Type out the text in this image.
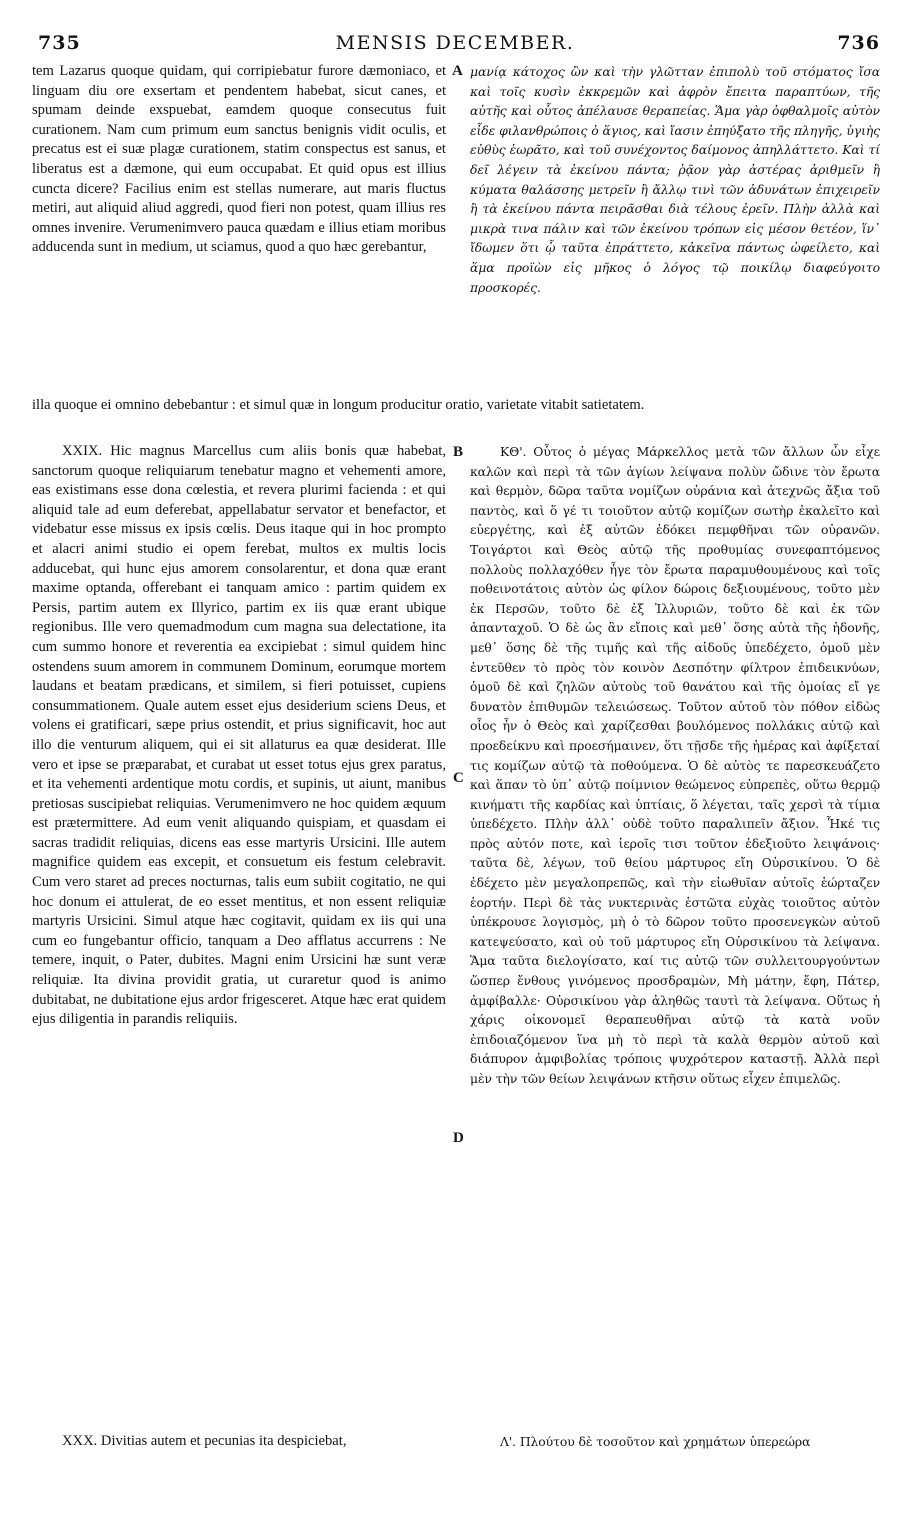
735	MENSIS DECEMBER.	736
A
B
C
D

tem Lazarus quoque quidam, qui corripiebatur furore dæmoniaco, et linguam diu ore exsertam et pendentem habebat, sicut canes, et spumam deinde exspuebat, eamdem quoque consecutus fuit curationem. Nam cum primum eum sanctus benignis vidit oculis, et precatus est ei suæ plagæ curationem, statim conspectus est sanus, et liberatus est a dæmone, qui eum occupabat. Et quid opus est illius cuncta dicere? Facilius enim est stellas numerare, aut maris fluctus metiri, aut aliquid aliud aggredi, quod fieri non potest, quam illius res omnes invenire. Verumenimvero pauca quædam e illius etiam moribus adducenda sunt in medium, ut sciamus, quod a quo hæc gerebantur,

μανίᾳ κάτοχος ὢν καὶ τὴν γλῶτταν ἐπιπολὺ τοῦ στόματος ἴσα καὶ τοῖς κυσὶν ἐκκρεμῶν καὶ ἀφρὸν ἔπειτα παραπτύων, τῆς αὐτῆς καὶ οὗτος ἀπέλαυσε θεραπείας. Ἅμα γὰρ ὀφθαλμοῖς αὐτὸν εἶδε φιλανθρώποις ὁ ἅγιος, καὶ ἴασιν ἐπηύξατο τῆς πληγῆς, ὑγιὴς εὐθὺς ἑωρᾶτο, καὶ τοῦ συνέχοντος δαίμονος ἀπηλλάττετο. Καὶ τί δεῖ λέγειν τὰ ἐκείνου πάντα; ῥᾷον γὰρ ἀστέρας ἀριθμεῖν ἢ κύματα θαλάσσης μετρεῖν ἢ ἄλλῳ τινὶ τῶν ἀδυνάτων ἐπιχειρεῖν ἢ τὰ ἐκείνου πάντα πειρᾶσθαι διὰ τέλους ἐρεῖν. Πλὴν ἀλλὰ καὶ μικρὰ τινα πάλιν καὶ τῶν ἐκείνου τρόπων εἰς μέσον θετέον, ἵν᾿ ἴδωμεν ὅτι ᾧ ταῦτα ἐπράττετο, κἀκεῖνα πάντως ὠφείλετο, καὶ ἅμα προϊὼν εἰς μῆκος ὁ λόγος τῷ ποικίλῳ διαφεύγοιτο προσκορές.

illa quoque ei omnino debebantur : et simul quæ in longum producitur oratio, varietate vitabit satietatem.

XXIX. Hic magnus Marcellus cum aliis bonis quæ habebat, sanctorum quoque reliquiarum tenebatur magno et vehementi amore, eas existimans esse dona cœlestia, et revera plurimi facienda : et qui aliquid tale ad eum deferebat, appellabatur servator et benefactor, et videbatur esse missus ex ipsis cœlis. Deus itaque qui in hoc prompto et alacri animi studio ei opem ferebat, multos ex multis locis adducebat, qui hunc ejus amorem consolarentur, et dona quæ erant maxime optanda, offerebant ei tanquam amico : partim quidem ex Persis, partim autem ex Illyrico, partim ex iis quæ erant ubique regionibus. Ille vero quemadmodum cum magna sua delectatione, ita cum summo honore et reverentia ea excipiebat : simul quidem hinc ostendens suum amorem in communem Dominum, eorumque mortem laudans et beatam prædicans, et similem, si fieri potuisset, cupiens consummationem. Quale autem esset ejus desiderium sciens Deus, et volens ei gratificari, sæpe prius ostendit, et prius significavit, hoc aut illo die venturum aliquem, qui ei sit allaturus ea quæ desiderat. Ille vero et ipse se præparabat, et curabat ut esset totus ejus grex paratus, et ita vehementi ardentique motu cordis, et supinis, ut aiunt, manibus pretiosas suscipiebat reliquias. Verumenimvero ne hoc quidem æquum est prætermittere. Ad eum venit aliquando quispiam, et quasdam ei sacras tradidit reliquias, dicens eas esse martyris Ursicini. Ille autem magnifice quidem eas excepit, et consuetum eis festum celebravit. Cum vero staret ad preces nocturnas, talis eum subiit cogitatio, ne qui hoc donum ei attulerat, de eo esset mentitus, et non essent reliquiæ martyris Ursicini. Simul atque hæc cogitavit, quidam ex iis qui una cum eo fungebantur officio, tanquam a Deo afflatus accurrens : Ne temere, inquit, o Pater, dubites. Magni enim Ursicini hæ sunt veræ reliquiæ. Ita divina providit gratia, ut curaretur quod is animo dubitabat, ne dubitatione ejus ardor frigesceret. Atque hæc erat quidem ejus diligentia in parandis reliquiis.

ΚΘ'. Οὗτος ὁ μέγας Μάρκελλος μετὰ τῶν ἄλλων ὧν εἶχε καλῶν καὶ περὶ τὰ τῶν ἁγίων λείψανα πολὺν ὤδινε τὸν ἔρωτα καὶ θερμὸν, δῶρα ταῦτα νομίζων οὐράνια καὶ ἀτεχνῶς ἄξια τοῦ παντὸς, καὶ ὅ γέ τι τοιοῦτον αὐτῷ κομίζων σωτὴρ ἐκαλεῖτο καὶ εὐεργέτης, καὶ ἐξ αὐτῶν ἐδόκει πεμφθῆναι τῶν οὐρανῶν. Τοιγάρτοι καὶ Θεὸς αὐτῷ τῆς προθυμίας συνεφαπτόμενος πολλοὺς πολλαχόθεν ἦγε τὸν ἔρωτα παραμυθουμένους καὶ τοῖς ποθεινοτάτοις αὐτὸν ὡς φίλον δώροις δεξιουμένους, τοῦτο μὲν ἐκ Περσῶν, τοῦτο δὲ ἐξ Ἰλλυριῶν, τοῦτο δὲ καὶ ἐκ τῶν ἁπανταχοῦ. Ὁ δὲ ὡς ἂν εἴποις καὶ μεθ᾿ ὅσης αὐτὰ τῆς ἡδονῆς, μεθ᾿ ὅσης δὲ τῆς τιμῆς καὶ τῆς αἰδοῦς ὑπεδέχετο, ὁμοῦ μὲν ἐντεῦθεν τὸ πρὸς τὸν κοινὸν Δεσπότην φίλτρον ἐπιδεικνύων, ὁμοῦ δὲ καὶ ζηλῶν αὐτοὺς τοῦ θανάτου καὶ τῆς ὁμοίας εἴ γε δυνατὸν ἐπιθυμῶν τελειώσεως. Τοῦτον αὐτοῦ τὸν πόθον εἰδὼς οἷος ἦν ὁ Θεὸς καὶ χαρίζεσθαι βουλόμενος πολλάκις αὐτῷ καὶ προεδείκνυ καὶ προεσήμαινεν, ὅτι τῇσδε τῆς ἡμέρας καὶ ἀφίξεταί τις κομίζων αὐτῷ τὰ ποθούμενα. Ὁ δὲ αὐτὸς τε παρεσκευάζετο καὶ ἅπαν τὸ ὑπ᾿ αὐτῷ ποίμνιον θεώμενος εὐπρεπὲς, οὕτω θερμῷ κινήματι τῆς καρδίας καὶ ὑπτίαις, ὅ λέγεται, ταῖς χερσὶ τὰ τίμια ὑπεδέχετο. Πλὴν ἀλλ᾿ οὐδὲ τοῦτο παραλιπεῖν ἄξιον. Ἧκέ τις πρὸς αὐτόν ποτε, καὶ ἱεροῖς τισι τοῦτον ἐδεξιοῦτο λειψάνοις· ταῦτα δὲ, λέγων, τοῦ θείου μάρτυρος εἴη Οὐρσικίνου. Ὁ δὲ ἐδέχετο μὲν μεγαλοπρεπῶς, καὶ τὴν εἰωθυῖαν αὐτοῖς ἑώρταζεν ἑορτήν. Περὶ δὲ τὰς νυκτερινὰς ἑστῶτα εὐχὰς τοιοῦτος αὐτὸν ὑπέκρουσε λογισμὸς, μὴ ὁ τὸ δῶρον τοῦτο προσενεγκὼν αὐτοῦ κατεψεύσατο, καὶ οὐ τοῦ μάρτυρος εἴη Οὐρσικίνου τὰ λείψανα. Ἅμα ταῦτα διελογίσατο, καί τις αὐτῷ τῶν συλλειτουργούντων ὥσπερ ἔνθους γινόμενος προσδραμὼν, Μὴ μάτην, ἔφη, Πάτερ, ἀμφίβαλλε· Οὐρσικίνου γὰρ ἀληθῶς ταυτὶ τὰ λείψανα. Οὕτως ἡ χάρις οἰκονομεῖ θεραπευθῆναι αὐτῷ τὰ κατὰ νοῦν ἐπιδοιαζόμενον ἵνα μὴ τὸ περὶ τὰ καλὰ θερμὸν αὐτοῦ καὶ διάπυρον ἀμφιβολίας τρόποις ψυχρότερον καταστῇ. Ἀλλὰ περὶ μὲν τὴν τῶν θείων λειψάνων κτῆσιν οὕτως εἶχεν ἐπιμελῶς.

XXX. Divitias autem et pecunias ita despiciebat,	Λ'. Πλούτου δὲ τοσοῦτον καὶ χρημάτων ὑπερεώρα
